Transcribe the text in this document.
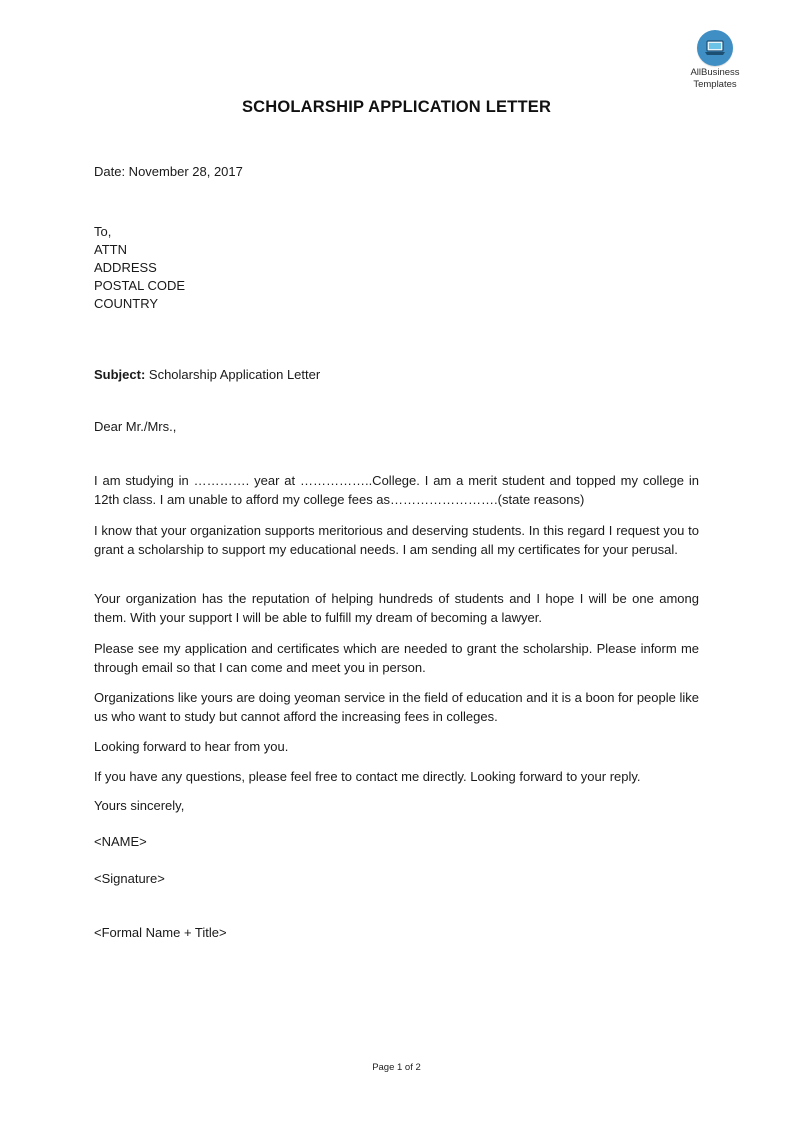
AllBusiness
Templates
SCHOLARSHIP APPLICATION LETTER
Date: November 28, 2017
To,
ATTN
ADDRESS
POSTAL CODE
COUNTRY
Subject: Scholarship Application Letter
Dear Mr./Mrs.,
I am studying in …………. year at ……………..College. I am a merit student and topped my college in 12th class. I am unable to afford my college fees as…………………….(state reasons)
I know that your organization supports meritorious and deserving students. In this regard I request you to grant a scholarship to support my educational needs. I am sending all my certificates for your perusal.
Your organization has the reputation of helping hundreds of students and I hope I will be one among them. With your support I will be able to fulfill my dream of becoming a lawyer.
Please see my application and certificates which are needed to grant the scholarship. Please inform me through email so that I can come and meet you in person.
Organizations like yours are doing yeoman service in the field of education and it is a boon for people like us who want to study but cannot afford the increasing fees in colleges.
Looking forward to hear from you.
If you have any questions, please feel free to contact me directly. Looking forward to your reply.
Yours sincerely,
<NAME>
<Signature>
<Formal Name + Title>
Page 1 of 2
